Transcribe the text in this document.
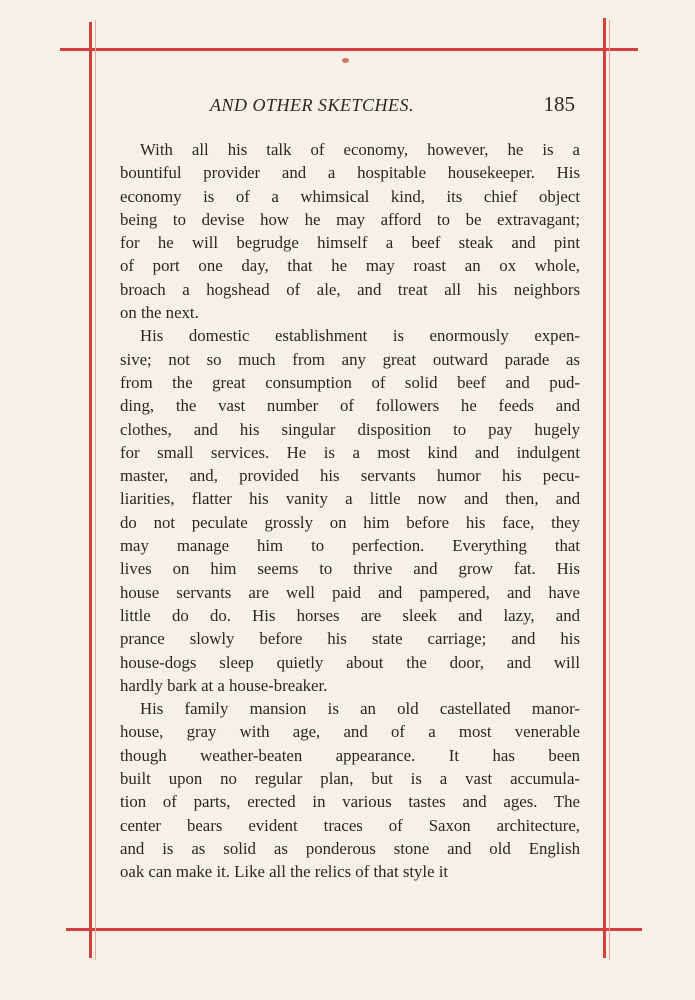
AND OTHER SKETCHES.	185
With all his talk of economy, however, he is a
bountiful provider and a hospitable housekeeper. His
economy is of a whimsical kind, its chief object
being to devise how he may afford to be extravagant;
for he will begrudge himself a beef steak and pint
of port one day, that he may roast an ox whole,
broach a hogshead of ale, and treat all his neighbors
on the next.
His domestic establishment is enormously expen-
sive; not so much from any great outward parade as
from the great consumption of solid beef and pud-
ding, the vast number of followers he feeds and
clothes, and his singular disposition to pay hugely
for small services. He is a most kind and indulgent
master, and, provided his servants humor his pecu-
liarities, flatter his vanity a little now and then, and
do not peculate grossly on him before his face, they
may manage him to perfection. Everything that
lives on him seems to thrive and grow fat. His
house servants are well paid and pampered, and have
little do do. His horses are sleek and lazy, and
prance slowly before his state carriage; and his
house-dogs sleep quietly about the door, and will
hardly bark at a house-breaker.
His family mansion is an old castellated manor-
house, gray with age, and of a most venerable
though weather-beaten appearance. It has been
built upon no regular plan, but is a vast accumula-
tion of parts, erected in various tastes and ages. The
center bears evident traces of Saxon architecture,
and is as solid as ponderous stone and old English
oak can make it. Like all the relics of that style it
